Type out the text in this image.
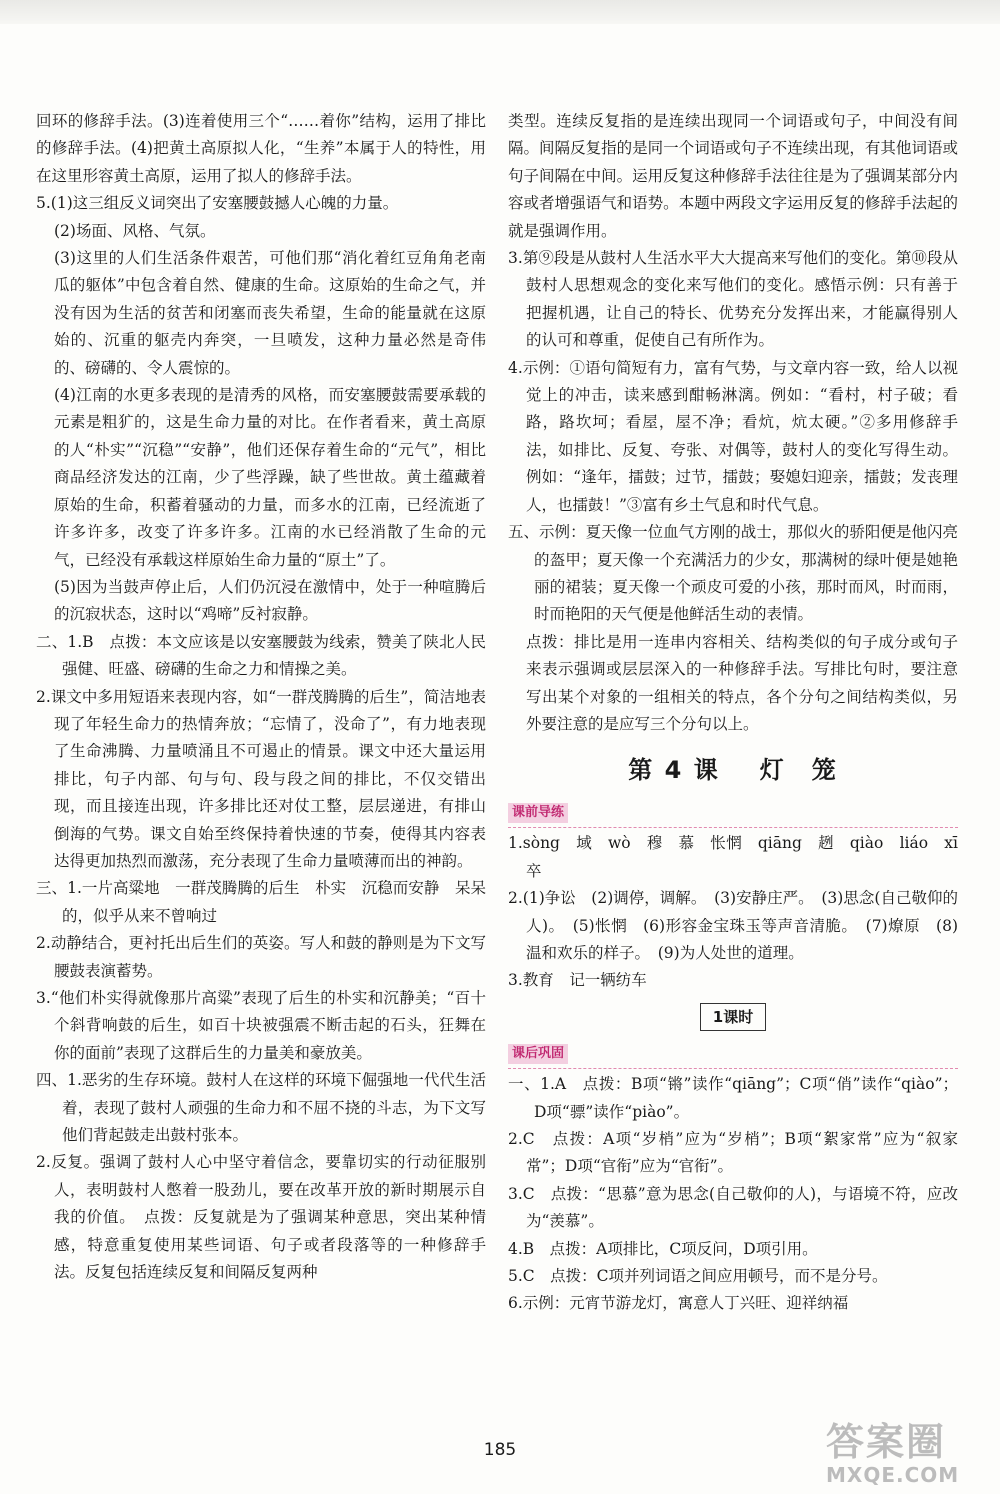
回环的修辞手法。(3)连着使用三个“……着你”结构，运用了排比的修辞手法。(4)把黄土高原拟人化，“生养”本属于人的特性，用在这里形容黄土高原，运用了拟人的修辞手法。

5.(1)这三组反义词突出了安塞腰鼓撼人心魄的力量。

(2)场面、风格、气氛。

(3)这里的人们生活条件艰苦，可他们那“消化着红豆角角老南瓜的躯体”中包含着自然、健康的生命。这原始的生命之气，并没有因为生活的贫苦和闭塞而丧失希望，生命的能量就在这原始的、沉重的躯壳内奔突，一旦喷发，这种力量必然是奇伟的、磅礴的、令人震惊的。

(4)江南的水更多表现的是清秀的风格，而安塞腰鼓需要承载的元素是粗犷的，这是生命力量的对比。在作者看来，黄土高原的人“朴实”“沉稳”“安静”，他们还保存着生命的“元气”，相比商品经济发达的江南，少了些浮躁，缺了些世故。黄土蕴藏着原始的生命，积蓄着骚动的力量，而多水的江南，已经流逝了许多许多，改变了许多许多。江南的水已经消散了生命的元气，已经没有承载这样原始生命力量的“原土”了。

(5)因为当鼓声停止后，人们仍沉浸在激情中，处于一种喧腾后的沉寂状态，这时以“鸡啼”反衬寂静。

二、1.B　点拨：本文应该是以安塞腰鼓为线索，赞美了陕北人民强健、旺盛、磅礴的生命之力和情操之美。

2.课文中多用短语来表现内容，如“一群茂腾腾的后生”，简洁地表现了年轻生命力的热情奔放；“忘情了，没命了”，有力地表现了生命沸腾、力量喷涌且不可遏止的情景。课文中还大量运用排比，句子内部、句与句、段与段之间的排比，不仅交错出现，而且接连出现，许多排比还对仗工整，层层递进，有排山倒海的气势。课文自始至终保持着快速的节奏，使得其内容表达得更加热烈而激荡，充分表现了生命力量喷薄而出的神韵。

三、1.一片高粱地　一群茂腾腾的后生　朴实　沉稳而安静　呆呆的，似乎从来不曾响过

2.动静结合，更衬托出后生们的英姿。写人和鼓的静则是为下文写腰鼓表演蓄势。

3.“他们朴实得就像那片高粱”表现了后生的朴实和沉静美；“百十个斜背响鼓的后生，如百十块被强震不断击起的石头，狂舞在你的面前”表现了这群后生的力量美和豪放美。

四、1.恶劣的生存环境。鼓村人在这样的环境下倔强地一代代生活着，表现了鼓村人顽强的生命力和不屈不挠的斗志，为下文写他们背起鼓走出鼓村张本。

2.反复。强调了鼓村人心中坚守着信念，要靠切实的行动征服别人，表明鼓村人憋着一股劲儿，要在改革开放的新时期展示自我的价值。　点拨：反复就是为了强调某种意思，突出某种情感，特意重复使用某些词语、句子或者段落等的一种修辞手法。反复包括连续反复和间隔反复两种

类型。连续反复指的是连续出现同一个词语或句子，中间没有间隔。间隔反复指的是同一个词语或句子不连续出现，有其他词语或句子间隔在中间。运用反复这种修辞手法往往是为了强调某部分内容或者增强语气和语势。本题中两段文字运用反复的修辞手法起的就是强调作用。

3.第⑨段是从鼓村人生活水平大大提高来写他们的变化。第⑩段从鼓村人思想观念的变化来写他们的变化。感悟示例：只有善于把握机遇，让自己的特长、优势充分发挥出来，才能赢得别人的认可和尊重，促使自己有所作为。

4.示例：①语句简短有力，富有气势，与文章内容一致，给人以视觉上的冲击，读来感到酣畅淋漓。例如：“看村，村子破；看路，路坎坷；看屋，屋不净；看炕，炕太硬。”②多用修辞手法，如排比、反复、夸张、对偶等，鼓村人的变化写得生动。例如：“逢年，擂鼓；过节，擂鼓；娶媳妇迎亲，擂鼓；发丧理人，也擂鼓！”③富有乡土气息和时代气息。

五、示例：夏天像一位血气方刚的战士，那似火的骄阳便是他闪亮的盔甲；夏天像一个充满活力的少女，那满树的绿叶便是她艳丽的裙装；夏天像一个顽皮可爱的小孩，那时而风，时而雨，时而艳阳的天气便是他鲜活生动的表情。

点拨：排比是用一连串内容相关、结构类似的句子成分或句子来表示强调或层层深入的一种修辞手法。写排比句时，要注意写出某个对象的一组相关的特点，各个分句之间结构类似，另外要注意的是应写三个分句以上。

第 4 课 灯　笼
课前导练

1.sòng　域　wò　穆　慕　怅惘　qiāng　趔　qiào　liáo　xī　卒

2.(1)争讼　(2)调停，调解。　(3)安静庄严。　(3)思念(自己敬仰的人)。　(5)怅惘　(6)形容金宝珠玉等声音清脆。　(7)燎原　(8)温和欢乐的样子。　(9)为人处世的道理。

3.教育　记一辆纺车

1课时
课后巩固

一、1.A　点拨：B项“锵”读作“qiāng”；C项“俏”读作“qiào”；D项“骠”读作“piào”。

2.C　点拨：A项“岁梢”应为“岁梢”；B项“絮家常”应为“叙家常”；D项“官衔”应为“官衔”。

3.C　点拨：“思慕”意为思念(自己敬仰的人)，与语境不符，应改为“羡慕”。

4.B　点拨：A项排比，C项反问，D项引用。

5.C　点拨：C项并列词语之间应用顿号，而不是分号。

6.示例：元宵节游龙灯，寓意人丁兴旺、迎祥纳福

185	答案圈
MXQE.COM
